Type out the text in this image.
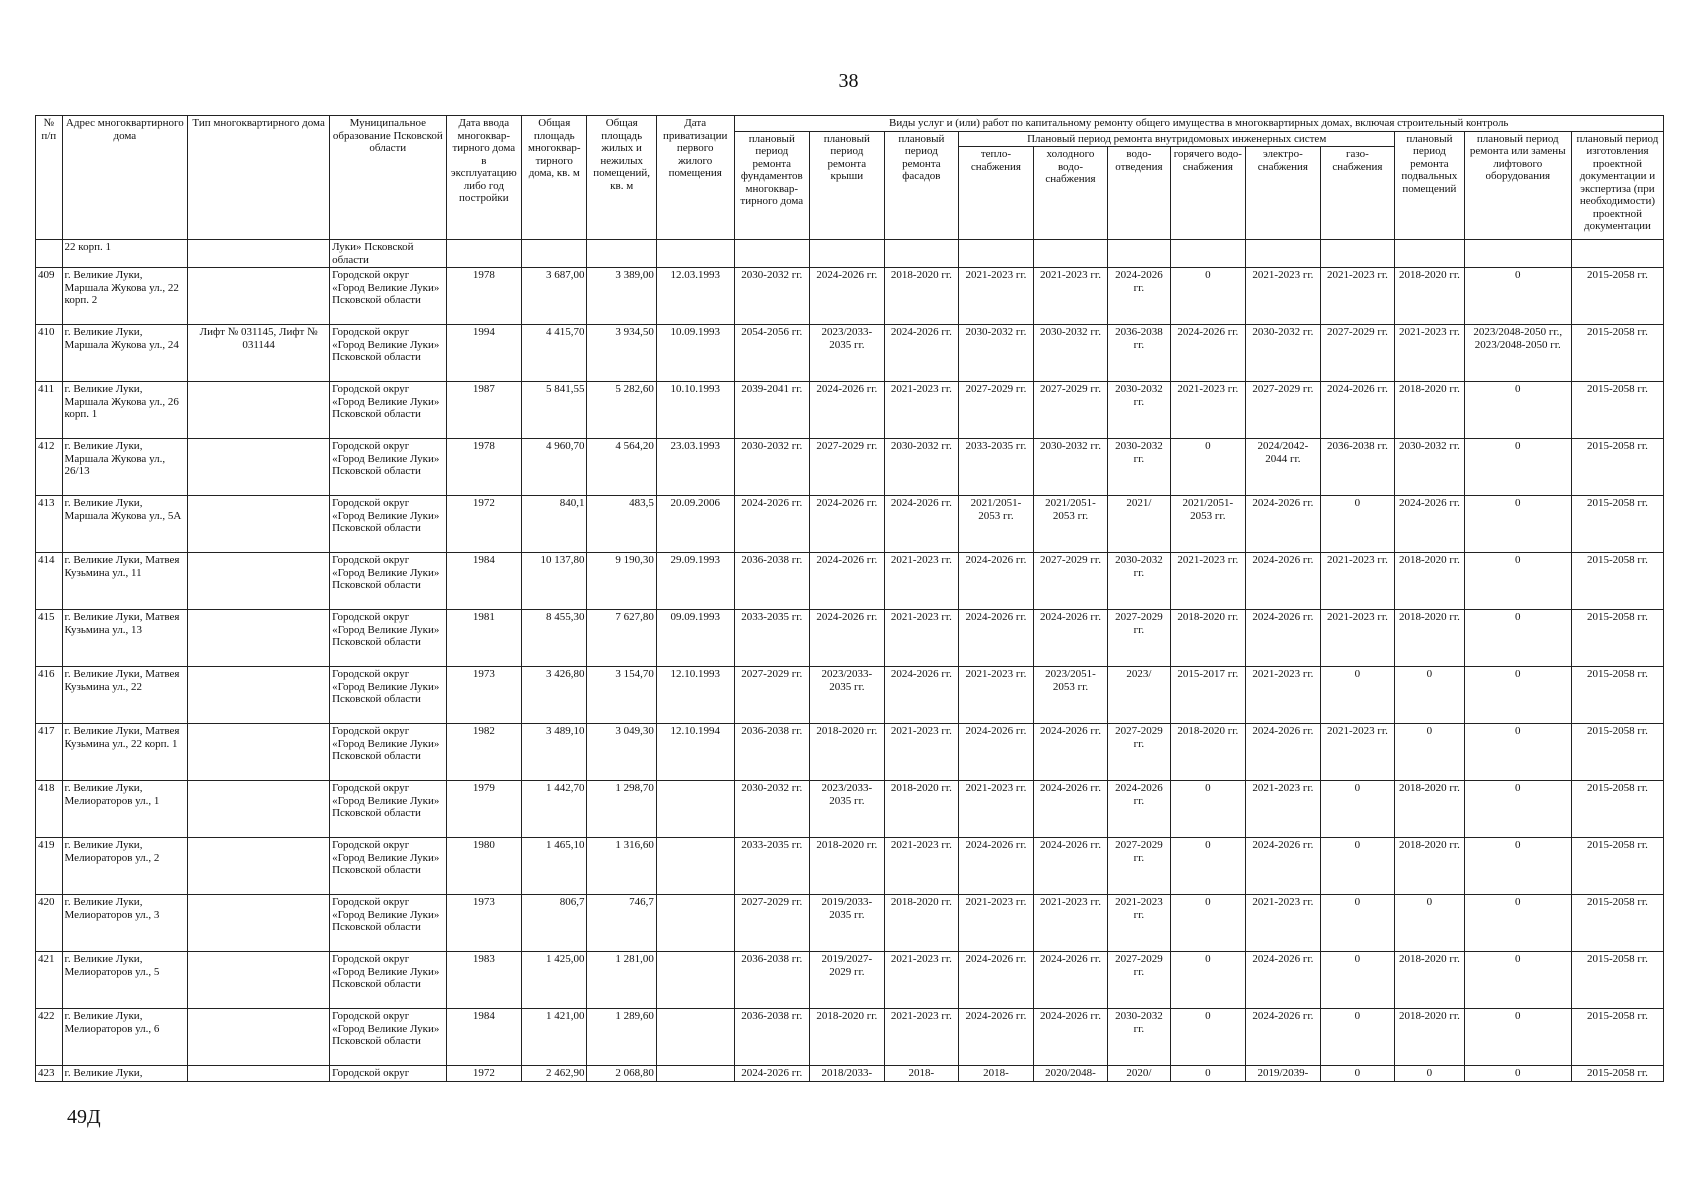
38
№ п/п	Адрес многоквартирного дома	Тип многоквартирного дома	Муниципальное образование Псковской области	Дата ввода многоквар-тирного дома в эксплуатацию либо год постройки	Общая площадь многоквар-тирного дома, кв. м	Общая площадь жилых и нежилых помещений, кв. м	Дата приватизации первого жилого помещения	Виды услуг и (или) работ по капитальному ремонту общего имущества в многоквартирных домах, включая строительный контроль											
								плановый период ремонта фундаментов многоквар-тирного дома	плановый период ремонта крыши	плановый период ремонта фасадов	Плановый период ремонта внутридомовых инженерных систем						плановый период ремонта подвальных помещений	плановый период ремонта или замены лифтового оборудования	плановый период изготовления проектной документации и экспертиза (при необходимости) проектной документации
											тепло-снабжения	холодного водо-снабжения	водо-отведения	горячего водо-снабжения	электро-снабжения	газо-снабжения			
	22 корп. 1		Луки» Псковской области																
409	г. Великие Луки, Маршала Жукова ул., 22 корп. 2		Городской округ «Город Великие Луки» Псковской области	1978	3 687,00	3 389,00	12.03.1993	2030-2032 гг.	2024-2026 гг.	2018-2020 гг.	2021-2023 гг.	2021-2023 гг.	2024-2026 гг.	0	2021-2023 гг.	2021-2023 гг.	2018-2020 гг.	0	2015-2058 гг.
410	г. Великие Луки, Маршала Жукова ул., 24	Лифт № 031145, Лифт № 031144	Городской округ «Город Великие Луки» Псковской области	1994	4 415,70	3 934,50	10.09.1993	2054-2056 гг.	2023/2033-2035 гг.	2024-2026 гг.	2030-2032 гг.	2030-2032 гг.	2036-2038 гг.	2024-2026 гг.	2030-2032 гг.	2027-2029 гг.	2021-2023 гг.	2023/2048-2050 гг., 2023/2048-2050 гг.	2015-2058 гг.
411	г. Великие Луки, Маршала Жукова ул., 26 корп. 1		Городской округ «Город Великие Луки» Псковской области	1987	5 841,55	5 282,60	10.10.1993	2039-2041 гг.	2024-2026 гг.	2021-2023 гг.	2027-2029 гг.	2027-2029 гг.	2030-2032 гг.	2021-2023 гг.	2027-2029 гг.	2024-2026 гг.	2018-2020 гг.	0	2015-2058 гг.
412	г. Великие Луки, Маршала Жукова ул., 26/13		Городской округ «Город Великие Луки» Псковской области	1978	4 960,70	4 564,20	23.03.1993	2030-2032 гг.	2027-2029 гг.	2030-2032 гг.	2033-2035 гг.	2030-2032 гг.	2030-2032 гг.	0	2024/2042-2044 гг.	2036-2038 гг.	2030-2032 гг.	0	2015-2058 гг.
413	г. Великие Луки, Маршала Жукова ул., 5А		Городской округ «Город Великие Луки» Псковской области	1972	840,1	483,5	20.09.2006	2024-2026 гг.	2024-2026 гг.	2024-2026 гг.	2021/2051-2053 гг.	2021/2051-2053 гг.	2021/	2021/2051-2053 гг.	2024-2026 гг.	0	2024-2026 гг.	0	2015-2058 гг.
414	г. Великие Луки, Матвея Кузьмина ул., 11		Городской округ «Город Великие Луки» Псковской области	1984	10 137,80	9 190,30	29.09.1993	2036-2038 гг.	2024-2026 гг.	2021-2023 гг.	2024-2026 гг.	2027-2029 гг.	2030-2032 гг.	2021-2023 гг.	2024-2026 гг.	2021-2023 гг.	2018-2020 гг.	0	2015-2058 гг.
415	г. Великие Луки, Матвея Кузьмина ул., 13		Городской округ «Город Великие Луки» Псковской области	1981	8 455,30	7 627,80	09.09.1993	2033-2035 гг.	2024-2026 гг.	2021-2023 гг.	2024-2026 гг.	2024-2026 гг.	2027-2029 гг.	2018-2020 гг.	2024-2026 гг.	2021-2023 гг.	2018-2020 гг.	0	2015-2058 гг.
416	г. Великие Луки, Матвея Кузьмина ул., 22		Городской округ «Город Великие Луки» Псковской области	1973	3 426,80	3 154,70	12.10.1993	2027-2029 гг.	2023/2033-2035 гг.	2024-2026 гг.	2021-2023 гг.	2023/2051-2053 гг.	2023/	2015-2017 гг.	2021-2023 гг.	0	0	0	2015-2058 гг.
417	г. Великие Луки, Матвея Кузьмина ул., 22 корп. 1		Городской округ «Город Великие Луки» Псковской области	1982	3 489,10	3 049,30	12.10.1994	2036-2038 гг.	2018-2020 гг.	2021-2023 гг.	2024-2026 гг.	2024-2026 гг.	2027-2029 гг.	2018-2020 гг.	2024-2026 гг.	2021-2023 гг.	0	0	2015-2058 гг.
418	г. Великие Луки, Мелиораторов ул., 1		Городской округ «Город Великие Луки» Псковской области	1979	1 442,70	1 298,70		2030-2032 гг.	2023/2033-2035 гг.	2018-2020 гг.	2021-2023 гг.	2024-2026 гг.	2024-2026 гг.	0	2021-2023 гг.	0	2018-2020 гг.	0	2015-2058 гг.
419	г. Великие Луки, Мелиораторов ул., 2		Городской округ «Город Великие Луки» Псковской области	1980	1 465,10	1 316,60		2033-2035 гг.	2018-2020 гг.	2021-2023 гг.	2024-2026 гг.	2024-2026 гг.	2027-2029 гг.	0	2024-2026 гг.	0	2018-2020 гг.	0	2015-2058 гг.
420	г. Великие Луки, Мелиораторов ул., 3		Городской округ «Город Великие Луки» Псковской области	1973	806,7	746,7		2027-2029 гг.	2019/2033-2035 гг.	2018-2020 гг.	2021-2023 гг.	2021-2023 гг.	2021-2023 гг.	0	2021-2023 гг.	0	0	0	2015-2058 гг.
421	г. Великие Луки, Мелиораторов ул., 5		Городской округ «Город Великие Луки» Псковской области	1983	1 425,00	1 281,00		2036-2038 гг.	2019/2027-2029 гг.	2021-2023 гг.	2024-2026 гг.	2024-2026 гг.	2027-2029 гг.	0	2024-2026 гг.	0	2018-2020 гг.	0	2015-2058 гг.
422	г. Великие Луки, Мелиораторов ул., 6		Городской округ «Город Великие Луки» Псковской области	1984	1 421,00	1 289,60		2036-2038 гг.	2018-2020 гг.	2021-2023 гг.	2024-2026 гг.	2024-2026 гг.	2030-2032 гг.	0	2024-2026 гг.	0	2018-2020 гг.	0	2015-2058 гг.
423	г. Великие Луки,		Городской округ	1972	2 462,90	2 068,80		2024-2026 гг.	2018/2033-	2018-	2018-	2020/2048-	2020/	0	2019/2039-	0	0	0	2015-2058 гг.
49Д
